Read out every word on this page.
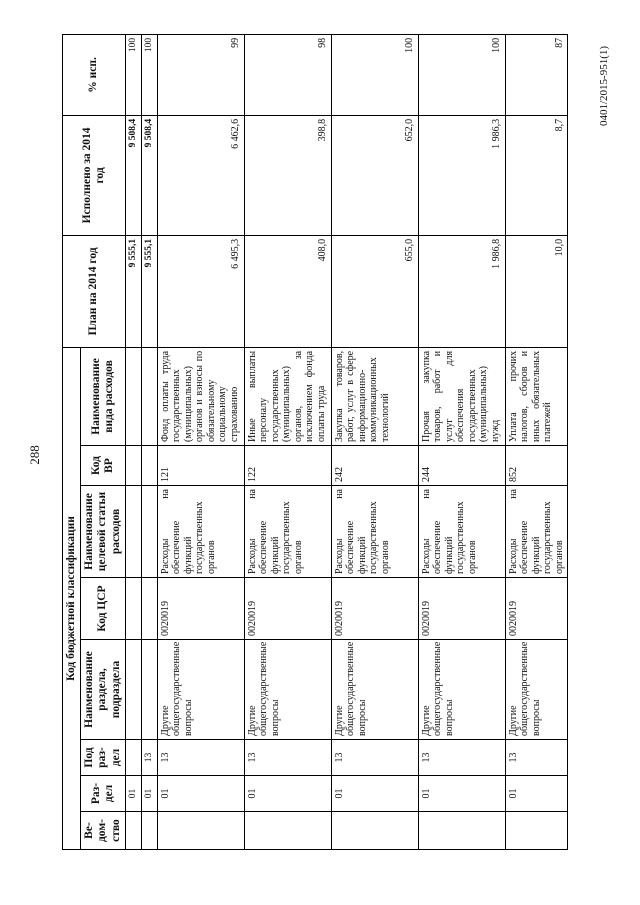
288
0401/2015-951(1)
Код бюджетной классификации								План на 2014 год	Исполнено за 2014 год	% исп.
Ве- дом- ство	Раз- дел	Под раз- дел	Наименование раздела, подраздела	Код ЦСР	Наименование целевой статьи расходов	Код ВР	Наименование вида расходов			
	01							9 555,1	9 508,4	100
	01	13						9 555,1	9 508,4	100
	01	13	Другие общегосударственные вопросы	0020019	Расходы на обеспечение функций государственных органов	121	Фонд оплаты труда государственных (муниципальных) органов и взносы по обязательному социальному страхованию	6 495,3	6 462,6	99
	01	13	Другие общегосударственные вопросы	0020019	Расходы на обеспечение функций государственных органов	122	Иные выплаты персоналу государственных (муниципальных) органов, за исключением фонда оплаты труда	408,0	398,8	98
	01	13	Другие общегосударственные вопросы	0020019	Расходы на обеспечение функций государственных органов	242	Закупка товаров, работ, услуг в сфере информационно-коммуникационных технологий	655,0	652,0	100
	01	13	Другие общегосударственные вопросы	0020019	Расходы на обеспечение функций государственных органов	244	Прочая закупка товаров, работ и услуг для обеспечения государственных (муниципальных) нужд	1 986,8	1 986,3	100
	01	13	Другие общегосударственные вопросы	0020019	Расходы на обеспечение функций государственных органов	852	Уплата прочих налогов, сборов и иных обязательных платежей	10,0	8,7	87
